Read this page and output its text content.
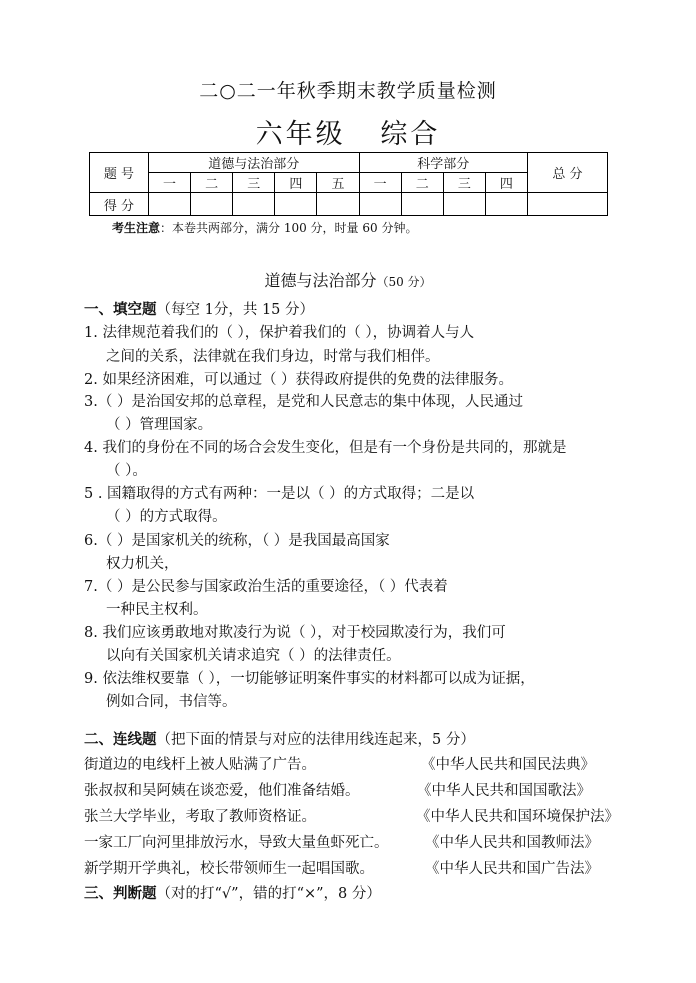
二○二一年秋季期末教学质量检测
六年级   综合
题 号	道德与法治部分					科学部分				总 分
	一	二	三	四	五	一	二	三	四	
得 分										
考生注意：本卷共两部分，满分 100 分，时量 60 分钟。
道德与法治部分（50 分）
一、填空题（每空 1分，共 15 分）
1. 法律规范着我们的（ ），保护着我们的（ ），协调着人与人
之间的关系，法律就在我们身边，时常与我们相伴。
2. 如果经济困难，可以通过（ ）获得政府提供的免费的法律服务。
3.（ ）是治国安邦的总章程，是党和人民意志的集中体现，人民通过
（ ）管理国家。
4. 我们的身份在不同的场合会发生变化，但是有一个身份是共同的，那就是
（ ）。
5 . 国籍取得的方式有两种：一是以（ ）的方式取得；二是以
（ ）的方式取得。
6.（ ）是国家机关的统称，（ ）是我国最高国家
权力机关，
7.（ ）是公民参与国家政治生活的重要途径，（ ）代表着
一种民主权利。
8. 我们应该勇敢地对欺凌行为说（ ），对于校园欺凌行为，我们可
以向有关国家机关请求追究（ ）的法律责任。
9. 依法维权要靠（ ），一切能够证明案件事实的材料都可以成为证据，
例如合同，书信等。
二、连线题（把下面的情景与对应的法律用线连起来，5 分）
街道边的电线杆上被人贴满了广告。
张叔叔和吴阿姨在谈恋爱，他们准备结婚。
张兰大学毕业，考取了教师资格证。
一家工厂向河里排放污水，导致大量鱼虾死亡。
新学期开学典礼，校长带领师生一起唱国歌。
《中华人民共和国民法典》
《中华人民共和国国歌法》
《中华人民共和国环境保护法》
《中华人民共和国教师法》
《中华人民共和国广告法》
三、判断题（对的打“√”，错的打“×”，8 分）
